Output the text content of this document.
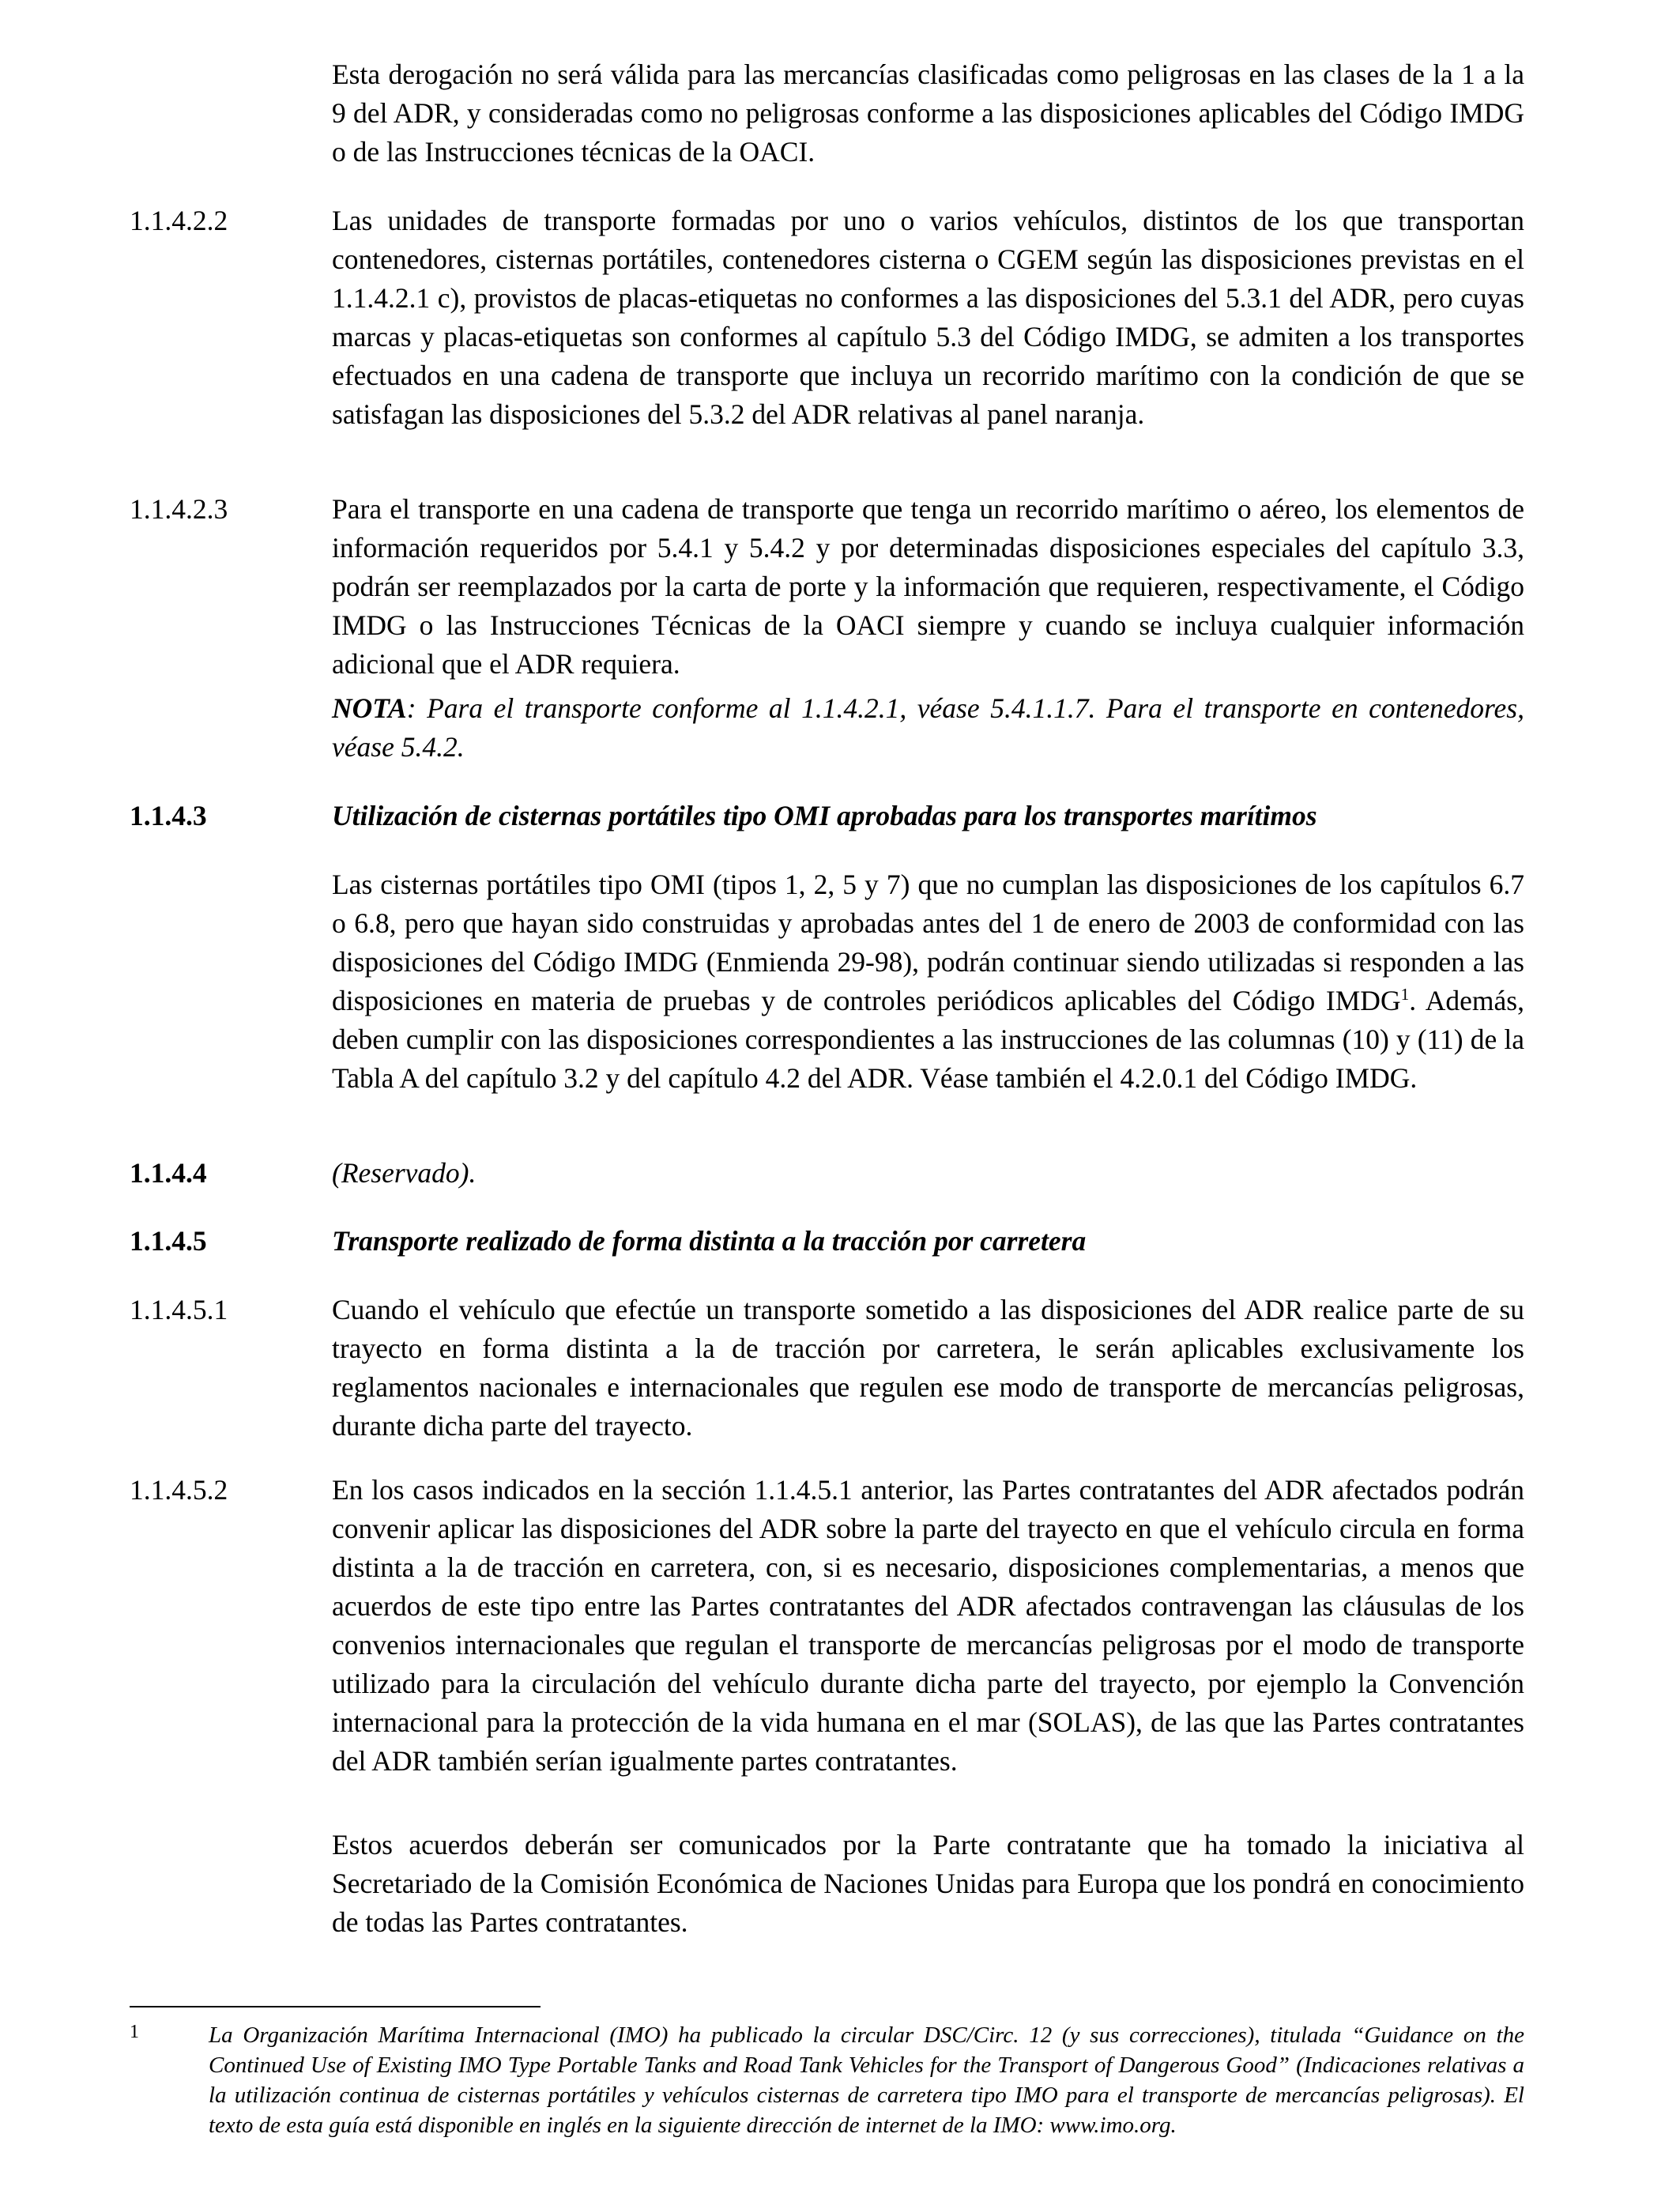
Esta derogación no será válida para las mercancías clasificadas como peligrosas en las clases de la 1 a la 9 del ADR, y consideradas como no peligrosas conforme a las disposiciones aplicables del Código IMDG o de las Instrucciones técnicas de la OACI.
1.1.4.2.2	Las unidades de transporte formadas por uno o varios vehículos, distintos de los que transportan contenedores, cisternas portátiles, contenedores cisterna o CGEM según las disposiciones previstas en el 1.1.4.2.1 c), provistos de placas-etiquetas no conformes a las disposiciones del 5.3.1 del ADR, pero cuyas marcas y placas-etiquetas son conformes al capítulo 5.3 del Código IMDG, se admiten a los transportes efectuados en una cadena de transporte que incluya un recorrido marítimo con la condición de que se satisfagan las disposiciones del 5.3.2 del ADR relativas al panel naranja.
1.1.4.2.3	Para el transporte en una cadena de transporte que tenga un recorrido marítimo o aéreo, los elementos de información requeridos por 5.4.1 y 5.4.2 y por determinadas disposiciones especiales del capítulo 3.3, podrán ser reemplazados por la carta de porte y la información que requieren, respectivamente, el Código IMDG o las Instrucciones Técnicas de la OACI siempre y cuando se incluya cualquier información adicional que el ADR requiera.
NOTA: Para el transporte conforme al 1.1.4.2.1, véase 5.4.1.1.7. Para el transporte en contenedores, véase 5.4.2.
1.1.4.3	Utilización de cisternas portátiles tipo OMI aprobadas para los transportes marítimos
Las cisternas portátiles tipo OMI (tipos 1, 2, 5 y 7) que no cumplan las disposiciones de los capítulos 6.7 o 6.8, pero que hayan sido construidas y aprobadas antes del 1 de enero de 2003 de conformidad con las disposiciones del Código IMDG (Enmienda 29-98), podrán continuar siendo utilizadas si responden a las disposiciones en materia de pruebas y de controles periódicos aplicables del Código IMDG$^1$. Además, deben cumplir con las disposiciones correspondientes a las instrucciones de las columnas (10) y (11) de la Tabla A del capítulo 3.2 y del capítulo 4.2 del ADR. Véase también el 4.2.0.1 del Código IMDG.
1.1.4.4	(Reservado).
1.1.4.5	Transporte realizado de forma distinta a la tracción por carretera
1.1.4.5.1	Cuando el vehículo que efectúe un transporte sometido a las disposiciones del ADR realice parte de su trayecto en forma distinta a la de tracción por carretera, le serán aplicables exclusivamente los reglamentos nacionales e internacionales que regulen ese modo de transporte de mercancías peligrosas, durante dicha parte del trayecto.
1.1.4.5.2	En los casos indicados en la sección 1.1.4.5.1 anterior, las Partes contratantes del ADR afectados podrán convenir aplicar las disposiciones del ADR sobre la parte del trayecto en que el vehículo circula en forma distinta a la de tracción en carretera, con, si es necesario, disposiciones complementarias, a menos que acuerdos de este tipo entre las Partes contratantes del ADR afectados contravengan las cláusulas de los convenios internacionales que regulan el transporte de mercancías peligrosas por el modo de transporte utilizado para la circulación del vehículo durante dicha parte del trayecto, por ejemplo la Convención internacional para la protección de la vida humana en el mar (SOLAS), de las que las Partes contratantes del ADR también serían igualmente partes contratantes.
Estos acuerdos deberán ser comunicados por la Parte contratante que ha tomado la iniciativa al Secretariado de la Comisión Económica de Naciones Unidas para Europa que los pondrá en conocimiento de todas las Partes contratantes.
1	La Organización Marítima Internacional (IMO) ha publicado la circular DSC/Circ. 12 (y sus correcciones), titulada “Guidance on the Continued Use of Existing IMO Type Portable Tanks and Road Tank Vehicles for the Transport of Dangerous Good” (Indicaciones relativas a la utilización continua de cisternas portátiles y vehículos cisternas de carretera tipo IMO para el transporte de mercancías peligrosas). El texto de esta guía está disponible en inglés en la siguiente dirección de internet de la IMO: www.imo.org.
